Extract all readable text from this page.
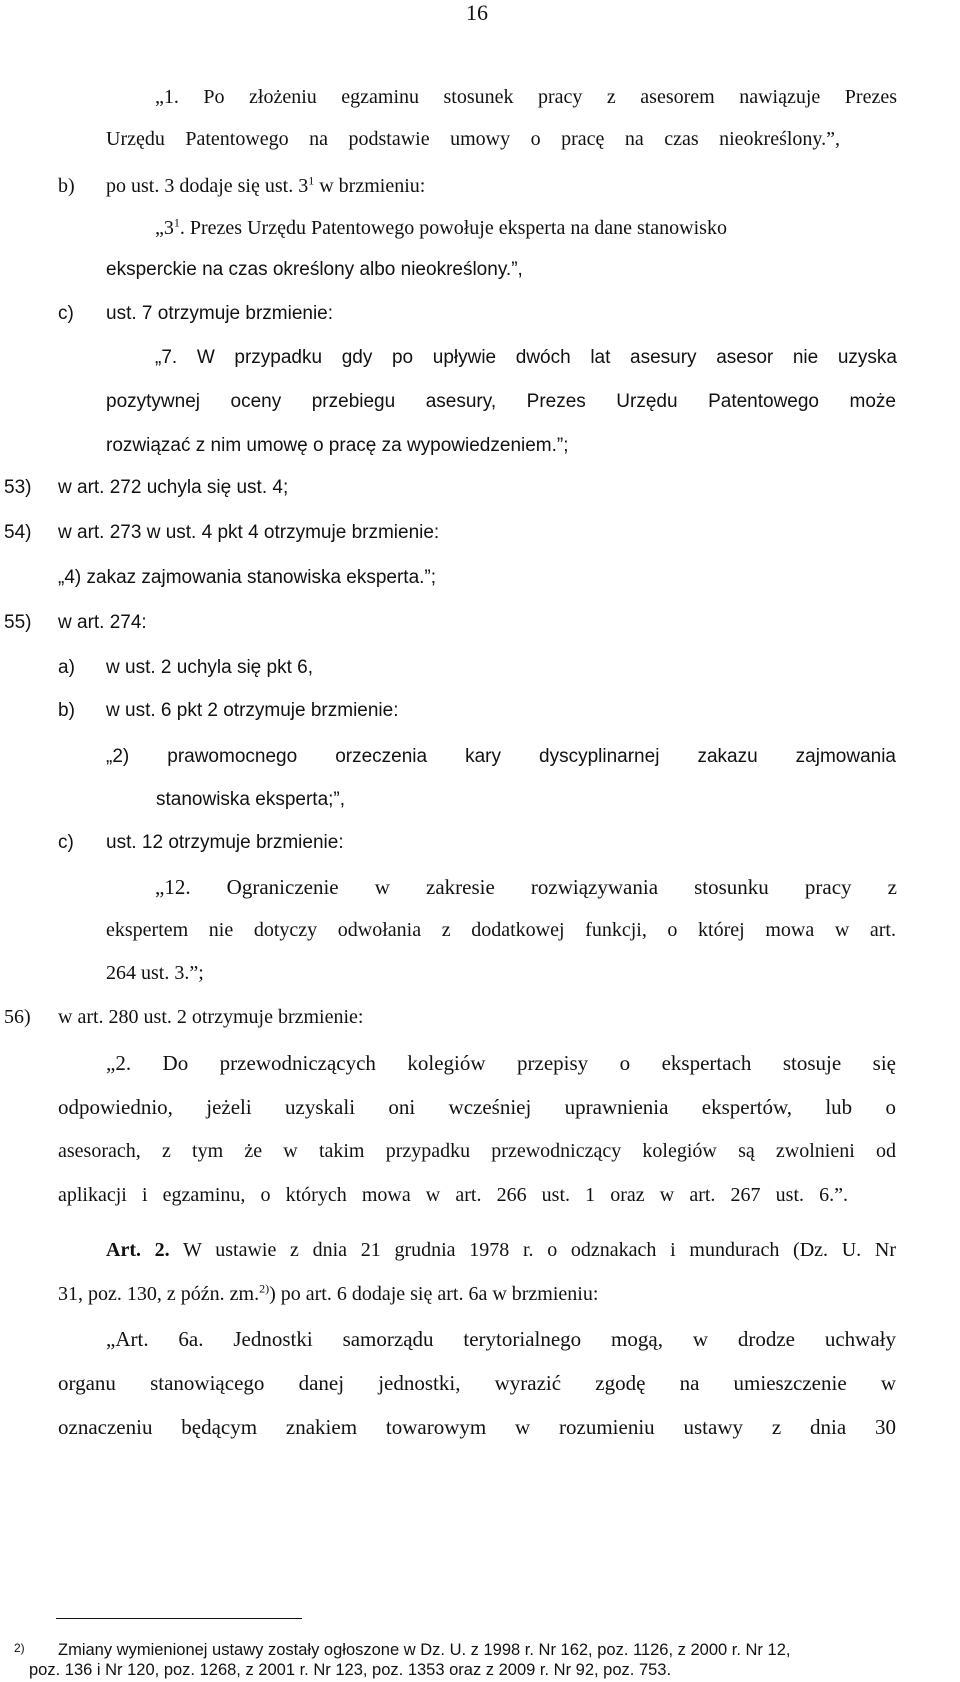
16
„1. Po złożeniu egzaminu stosunek pracy z asesorem nawiązuje Prezes
Urzędu Patentowego na podstawie umowy o pracę na czas nieokreślony.”,
b) po ust. 3 dodaje się ust. $3^1$ w brzmieniu:
$„3^1$. Prezes Urzędu Patentowego powołuje eksperta na dane stanowisko
eksperckie na czas określony albo nieokreślony.”,
c) ust. 7 otrzymuje brzmienie:
„7. W przypadku gdy po upływie dwóch lat asesury asesor nie uzyska
pozytywnej oceny przebiegu asesury, Prezes Urzędu Patentowego może
rozwiązać z nim umowę o pracę za wypowiedzeniem.”;
53) w art. 272 uchyla się ust. 4;
54) w art. 273 w ust. 4 pkt 4 otrzymuje brzmienie:
„4) zakaz zajmowania stanowiska eksperta.”;
55) w art. 274:
a) w ust. 2 uchyla się pkt 6,
b) w ust. 6 pkt 2 otrzymuje brzmienie:
„2) prawomocnego orzeczenia kary dyscyplinarnej zakazu zajmowania
stanowiska eksperta;”,
c) ust. 12 otrzymuje brzmienie:
„12. Ograniczenie w zakresie rozwiązywania stosunku pracy z
ekspertem nie dotyczy odwołania z dodatkowej funkcji, o której mowa w art.
264 ust. 3.”;
56) w art. 280 ust. 2 otrzymuje brzmienie:
„2. Do przewodniczących kolegiów przepisy o ekspertach stosuje się
odpowiednio, jeżeli uzyskali oni wcześniej uprawnienia ekspertów, lub o
asesorach, z tym że w takim przypadku przewodniczący kolegiów są zwolnieni od
aplikacji i egzaminu, o których mowa w art. 266 ust. 1 oraz w art. 267 ust. 6.”.
Art. 2. W ustawie z dnia 21 grudnia 1978 r. o odznakach i mundurach (Dz. U. Nr
31, poz. 130, z późn. zm.$^{2)}$) po art. 6 dodaje się art. 6a w brzmieniu:
„Art. 6a. Jednostki samorządu terytorialnego mogą, w drodze uchwały
organu stanowiącego danej jednostki, wyrazić zgodę na umieszczenie w
oznaczeniu będącym znakiem towarowym w rozumieniu ustawy z dnia 30
2) Zmiany wymienionej ustawy zostały ogłoszone w Dz. U. z 1998 r. Nr 162, poz. 1126, z 2000 r. Nr 12,
poz. 136 i Nr 120, poz. 1268, z 2001 r. Nr 123, poz. 1353 oraz z 2009 r. Nr 92, poz. 753.
